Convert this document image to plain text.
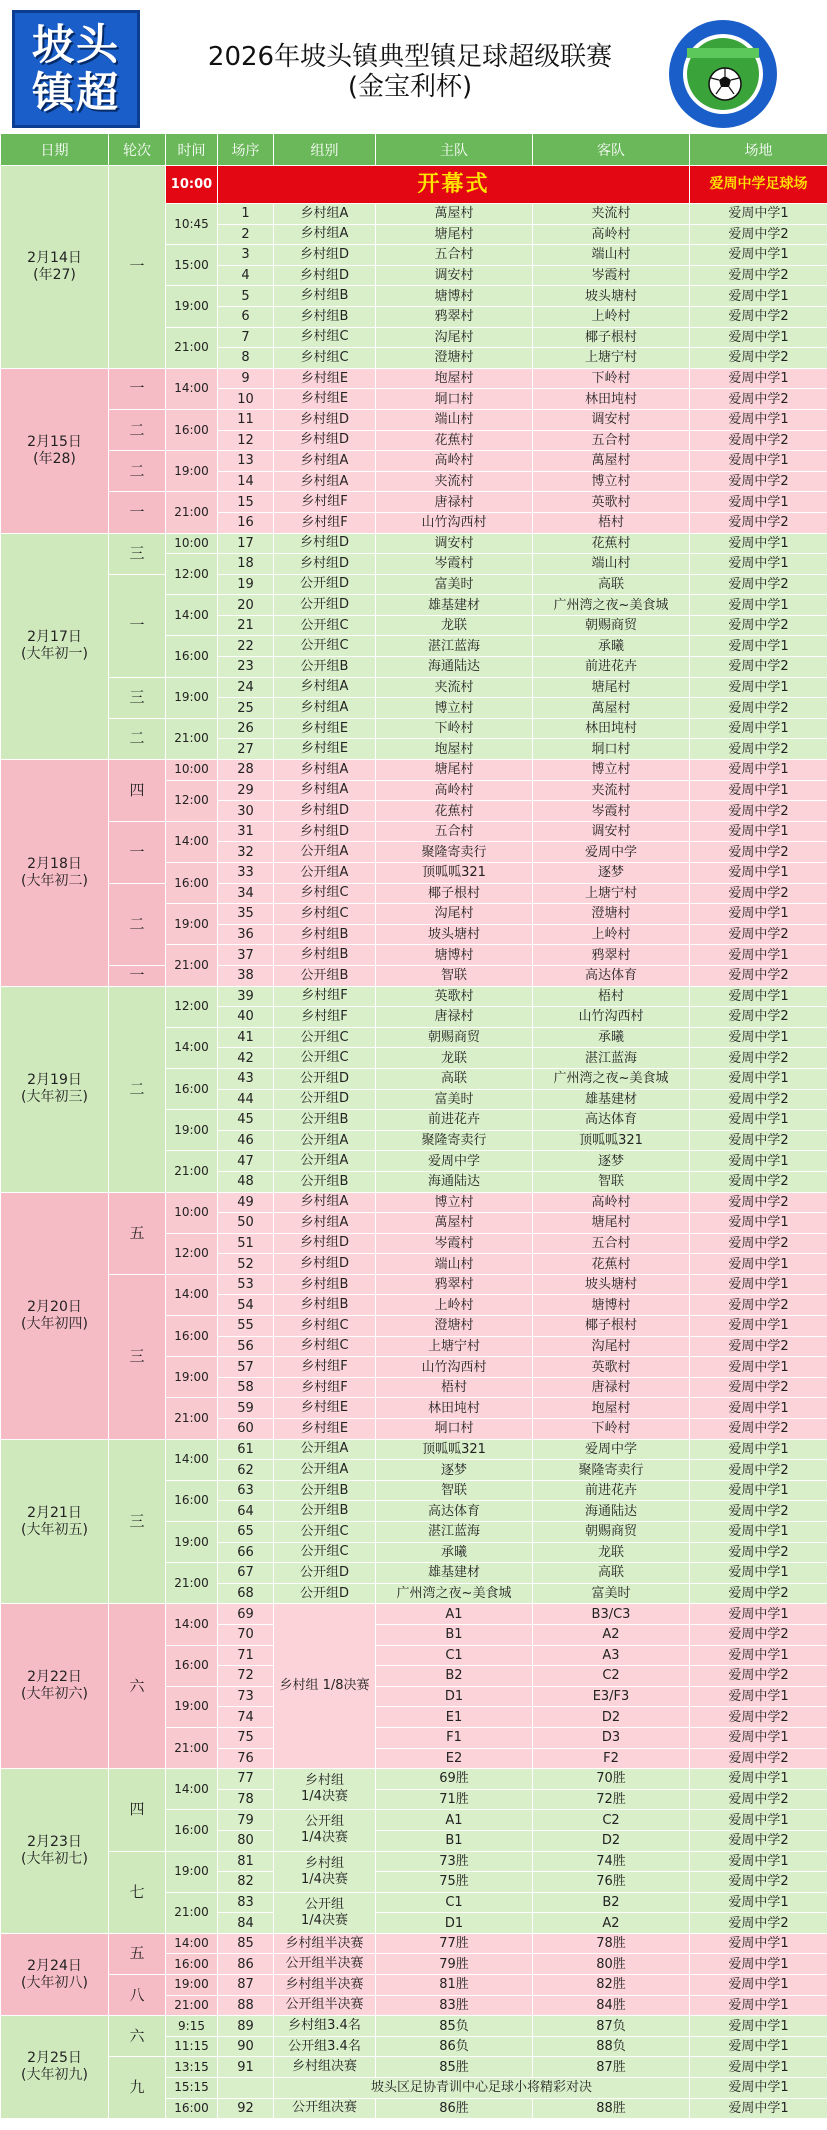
坡头
镇超
2026年坡头镇典型镇足球超级联赛
(金宝利杯)
日期	轮次	时间	场序	组别	主队	客队	场地
2月14日
(年27)	一	10:00	开幕式				爱周中学足球场
		10:45	1	乡村组A	萬屋村	夹流村	爱周中学1
			2	乡村组A	塘尾村	高岭村	爱周中学2
		15:00	3	乡村组D	五合村	端山村	爱周中学1
			4	乡村组D	调安村	岑霞村	爱周中学2
		19:00	5	乡村组B	塘博村	坡头塘村	爱周中学1
			6	乡村组B	鸦翠村	上岭村	爱周中学2
		21:00	7	乡村组C	沟尾村	椰子根村	爱周中学1
			8	乡村组C	澄塘村	上塘宁村	爱周中学2
2月15日
(年28)	一	14:00	9	乡村组E	垉屋村	下岭村	爱周中学1
			10	乡村组E	垌口村	林田坉村	爱周中学2
	二	16:00	11	乡村组D	端山村	调安村	爱周中学1
			12	乡村组D	花蕉村	五合村	爱周中学2
	二	19:00	13	乡村组A	高岭村	萬屋村	爱周中学1
			14	乡村组A	夹流村	博立村	爱周中学2
	一	21:00	15	乡村组F	唐禄村	英歌村	爱周中学1
			16	乡村组F	山竹沟西村	梧村	爱周中学2
2月17日
(大年初一)	三	10:00	17	乡村组D	调安村	花蕉村	爱周中学1
		12:00	18	乡村组D	岑霞村	端山村	爱周中学1
	一		19	公开组D	富美时	高联	爱周中学2
		14:00	20	公开组D	雄基建材	广州湾之夜~美食城	爱周中学1
			21	公开组C	龙联	朝赐商贸	爱周中学2
		16:00	22	公开组C	湛江蓝海	承曦	爱周中学1
			23	公开组B	海通陆达	前进花卉	爱周中学2
	三	19:00	24	乡村组A	夹流村	塘尾村	爱周中学1
			25	乡村组A	博立村	萬屋村	爱周中学2
	二	21:00	26	乡村组E	下岭村	林田坉村	爱周中学1
			27	乡村组E	垉屋村	垌口村	爱周中学2
2月18日
(大年初二)	四	10:00	28	乡村组A	塘尾村	博立村	爱周中学1
		12:00	29	乡村组A	高岭村	夹流村	爱周中学1
			30	乡村组D	花蕉村	岑霞村	爱周中学2
	一	14:00	31	乡村组D	五合村	调安村	爱周中学1
			32	公开组A	聚隆寄卖行	爱周中学	爱周中学2
		16:00	33	公开组A	顶呱呱321	逐梦	爱周中学1
	二		34	乡村组C	椰子根村	上塘宁村	爱周中学2
		19:00	35	乡村组C	沟尾村	澄塘村	爱周中学1
			36	乡村组B	坡头塘村	上岭村	爱周中学2
		21:00	37	乡村组B	塘博村	鸦翠村	爱周中学1
	一		38	公开组B	智联	高达体育	爱周中学2
2月19日
(大年初三)	二	12:00	39	乡村组F	英歌村	梧村	爱周中学1
			40	乡村组F	唐禄村	山竹沟西村	爱周中学2
		14:00	41	公开组C	朝赐商贸	承曦	爱周中学1
			42	公开组C	龙联	湛江蓝海	爱周中学2
		16:00	43	公开组D	高联	广州湾之夜~美食城	爱周中学1
			44	公开组D	富美时	雄基建材	爱周中学2
		19:00	45	公开组B	前进花卉	高达体育	爱周中学1
			46	公开组A	聚隆寄卖行	顶呱呱321	爱周中学2
		21:00	47	公开组A	爱周中学	逐梦	爱周中学1
			48	公开组B	海通陆达	智联	爱周中学2
2月20日
(大年初四)	五	10:00	49	乡村组A	博立村	高岭村	爱周中学2
			50	乡村组A	萬屋村	塘尾村	爱周中学1
		12:00	51	乡村组D	岑霞村	五合村	爱周中学2
			52	乡村组D	端山村	花蕉村	爱周中学1
	三	14:00	53	乡村组B	鸦翠村	坡头塘村	爱周中学1
			54	乡村组B	上岭村	塘博村	爱周中学2
		16:00	55	乡村组C	澄塘村	椰子根村	爱周中学1
			56	乡村组C	上塘宁村	沟尾村	爱周中学2
		19:00	57	乡村组F	山竹沟西村	英歌村	爱周中学1
			58	乡村组F	梧村	唐禄村	爱周中学2
		21:00	59	乡村组E	林田坉村	垉屋村	爱周中学1
			60	乡村组E	垌口村	下岭村	爱周中学2
2月21日
(大年初五)	三	14:00	61	公开组A	顶呱呱321	爱周中学	爱周中学1
			62	公开组A	逐梦	聚隆寄卖行	爱周中学2
		16:00	63	公开组B	智联	前进花卉	爱周中学1
			64	公开组B	高达体育	海通陆达	爱周中学2
		19:00	65	公开组C	湛江蓝海	朝赐商贸	爱周中学1
			66	公开组C	承曦	龙联	爱周中学2
		21:00	67	公开组D	雄基建材	高联	爱周中学1
			68	公开组D	广州湾之夜~美食城	富美时	爱周中学2
2月22日
(大年初六)	六	14:00	69	乡村组 1/8决赛	A1	B3/C3	爱周中学1
			70		B1	A2	爱周中学2
		16:00	71		C1	A3	爱周中学1
			72		B2	C2	爱周中学2
		19:00	73		D1	E3/F3	爱周中学1
			74		E1	D2	爱周中学2
		21:00	75		F1	D3	爱周中学1
			76		E2	F2	爱周中学2
2月23日
(大年初七)	四	14:00	77	乡村组
1/4决赛	69胜	70胜	爱周中学1
			78		71胜	72胜	爱周中学2
		16:00	79	公开组
1/4决赛	A1	C2	爱周中学1
			80		B1	D2	爱周中学2
	七	19:00	81	乡村组
1/4决赛	73胜	74胜	爱周中学1
			82		75胜	76胜	爱周中学2
		21:00	83	公开组
1/4决赛	C1	B2	爱周中学1
			84		D1	A2	爱周中学2
2月24日
(大年初八)	五	14:00	85	乡村组半决赛	77胜	78胜	爱周中学1
		16:00	86	公开组半决赛	79胜	80胜	爱周中学1
	八	19:00	87	乡村组半决赛	81胜	82胜	爱周中学1
		21:00	88	公开组半决赛	83胜	84胜	爱周中学1
2月25日
(大年初九)	六	9:15	89	乡村组3.4名	85负	87负	爱周中学1
		11:15	90	公开组3.4名	86负	88负	爱周中学1
	九	13:15	91	乡村组决赛	85胜	87胜	爱周中学1
		15:15		坡头区足协青训中心足球小将精彩对决			爱周中学1
		16:00	92	公开组决赛	86胜	88胜	爱周中学1
